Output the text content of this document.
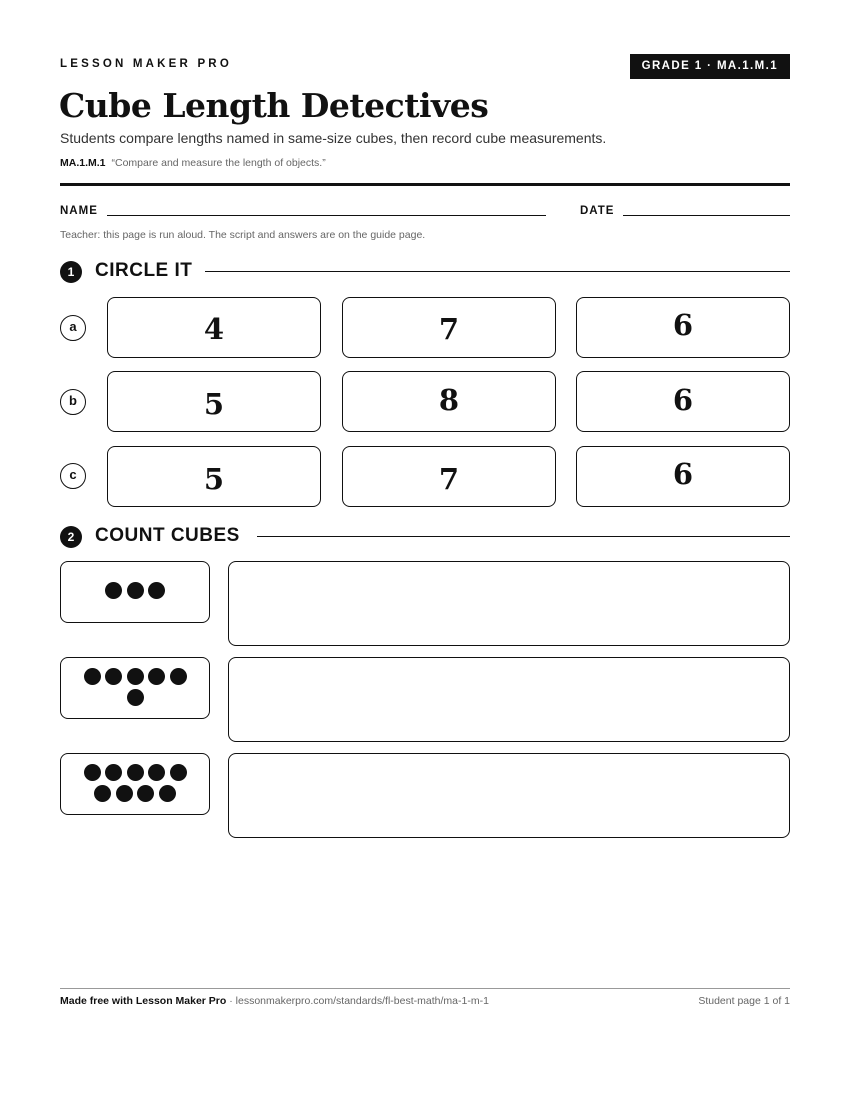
LESSON MAKER PRO	GRADE 1 · MA.1.M.1
Cube Length Detectives
Students compare lengths named in same-size cubes, then record cube measurements.
MA.1.M.1 “Compare and measure the length of objects.”
NAME	DATE
Teacher: this page is run aloud. The script and answers are on the guide page.
1	CIRCLE IT
a	4	7	6
b	5	8	6
c	5	7	6
2	COUNT CUBES
Made free with Lesson Maker Pro · lessonmakerpro.com/standards/fl-best-math/ma-1-m-1	Student page 1 of 1
